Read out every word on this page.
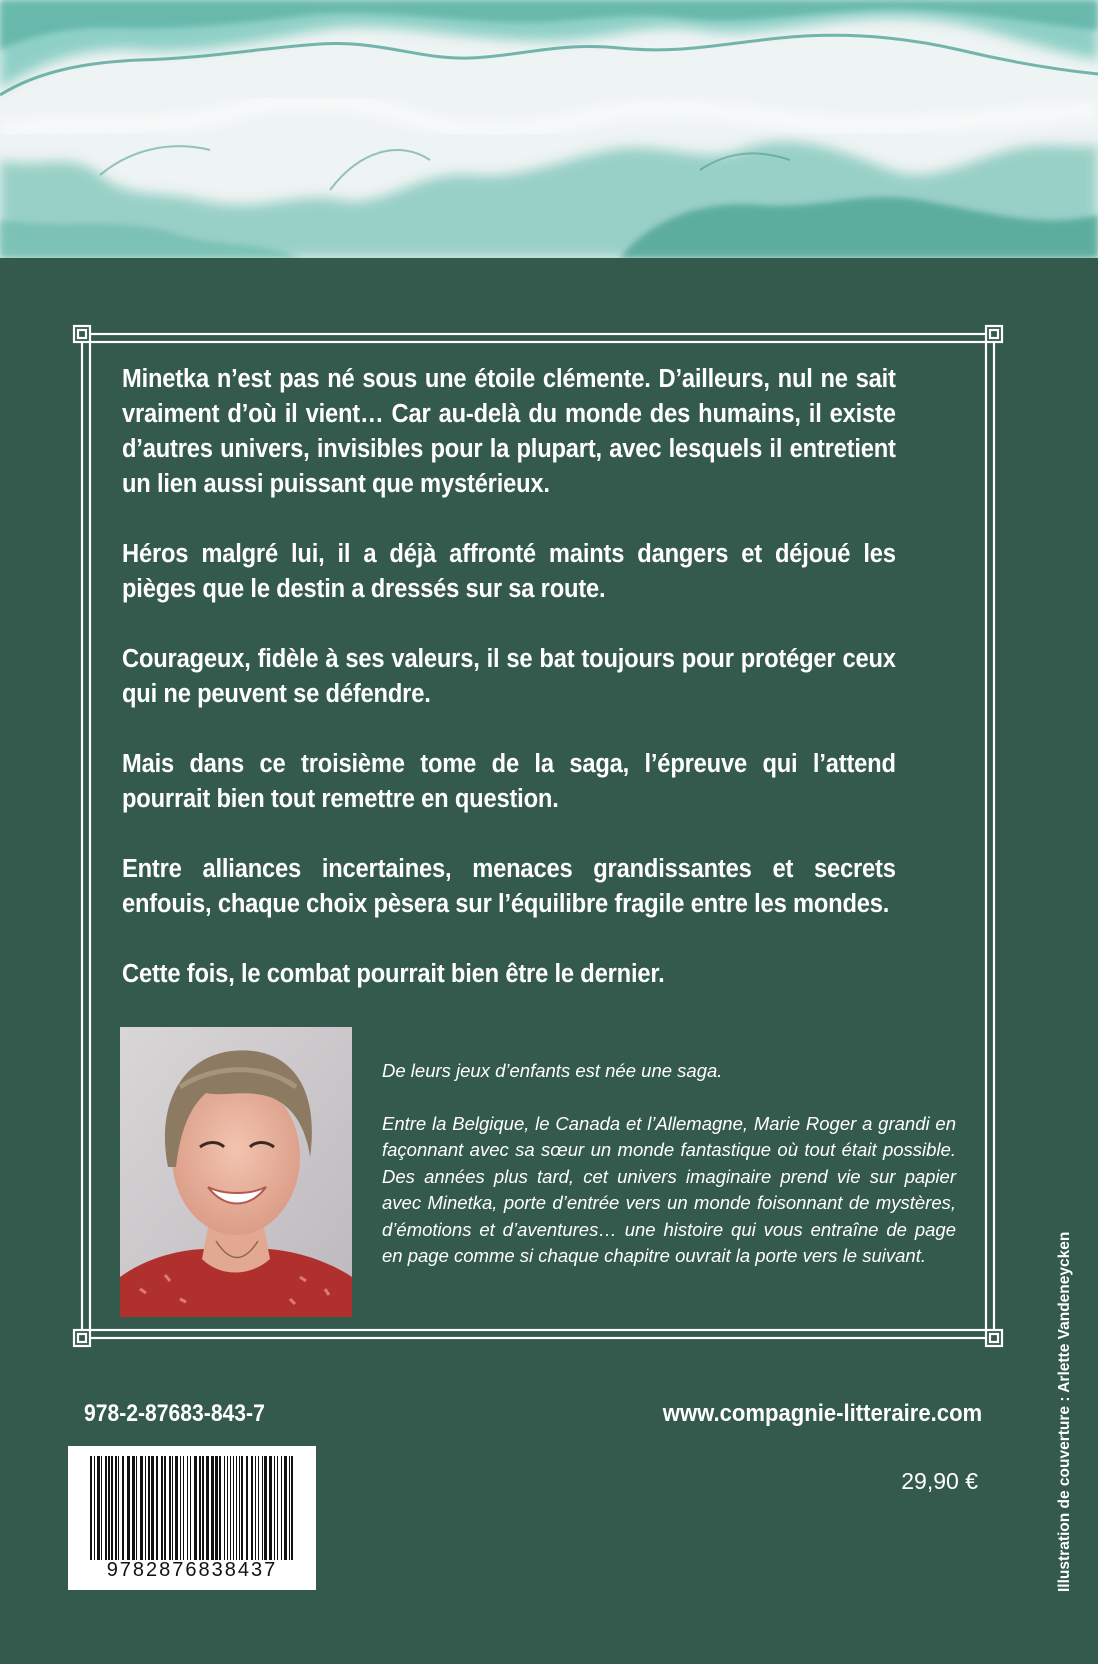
Minetka n’est pas né sous une étoile clémente. D’ailleurs, nul ne sait vraiment d’où il vient… Car au-delà du monde des humains, il existe d’autres univers, invisibles pour la plupart, avec lesquels il entretient un lien aussi puissant que mystérieux.

Héros malgré lui, il a déjà affronté maints dangers et déjoué les pièges que le destin a dressés sur sa route.

Courageux, fidèle à ses valeurs, il se bat toujours pour protéger ceux qui ne peuvent se défendre.

Mais dans ce troisième tome de la saga, l’épreuve qui l’attend pourrait bien tout remettre en question.

Entre alliances incertaines, menaces grandissantes et secrets enfouis, chaque choix pèsera sur l’équilibre fragile entre les mondes.

Cette fois, le combat pourrait bien être le dernier.

De leurs jeux d’enfants est née une saga.

Entre la Belgique, le Canada et l’Allemagne, Marie Roger a grandi en façonnant avec sa sœur un monde fantastique où tout était possible. Des années plus tard, cet univers imaginaire prend vie sur papier avec Minetka, porte d’entrée vers un monde foisonnant de mystères, d’émotions et d’aventures… une histoire qui vous entraîne de page en page comme si chaque chapitre ouvrait la porte vers le suivant.

978-2-87683-843-7	www.compagnie-litteraire.com
29,90 €
9782876838437	Illustration de couverture : Arlette Vandeneycken
